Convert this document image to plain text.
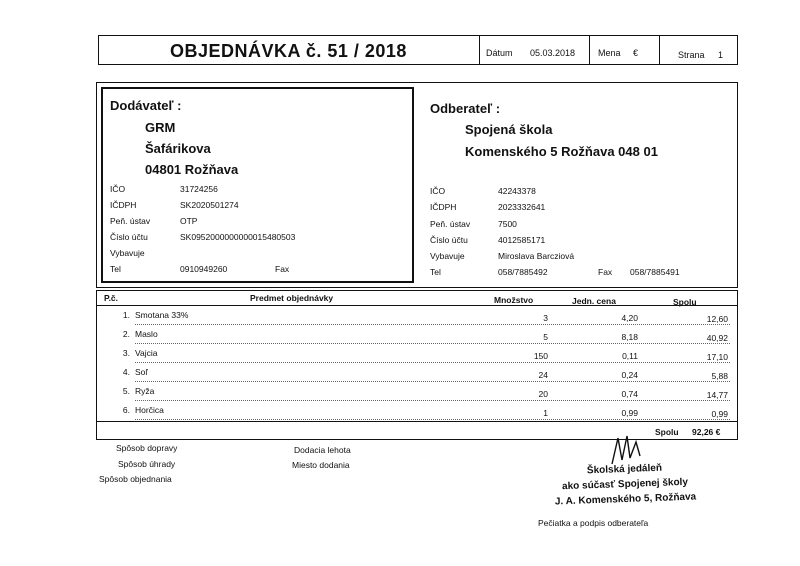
OBJEDNÁVKA č. 51 / 2018	Dátum 05.03.2018	Mena €	Strana 1
Dodávateľ :
GRM
Šafárikova
04801 Rožňava
IČO	31724256
IČDPH	SK2020501274
Peň. ústav	OTP
Číslo účtu	SK0952000000000015480503
Vybavuje
Tel	0910949260	Fax
Odberateľ :
Spojená škola
Komenského 5 Rožňava 048 01
IČO	42243378
IČDPH	2023332641
Peň. ústav	7500
Číslo účtu	4012585171
Vybavuje	Miroslava Barcziová
Tel	058/7885492	Fax 058/7885491
P.č.	Predmet objednávky	Množstvo	Jedn. cena	Spolu
1. Smotana 33%	3	4,20	12,60
2. Maslo	5	8,18	40,92
3. Vajcia	150	0,11	17,10
4. Soľ	24	0,24	5,88
5. Ryža	20	0,74	14,77
6. Horčica	1	0,99	0,99
Spolu 92,26 €
Spôsob dopravy
Spôsob úhrady
Spôsob objednania
Dodacia lehota
Miesto dodania	Školská jedáleň
ako súčasť Spojenej školy
J. A. Komenského 5, Rožňava
Pečiatka a podpis odberateľa
